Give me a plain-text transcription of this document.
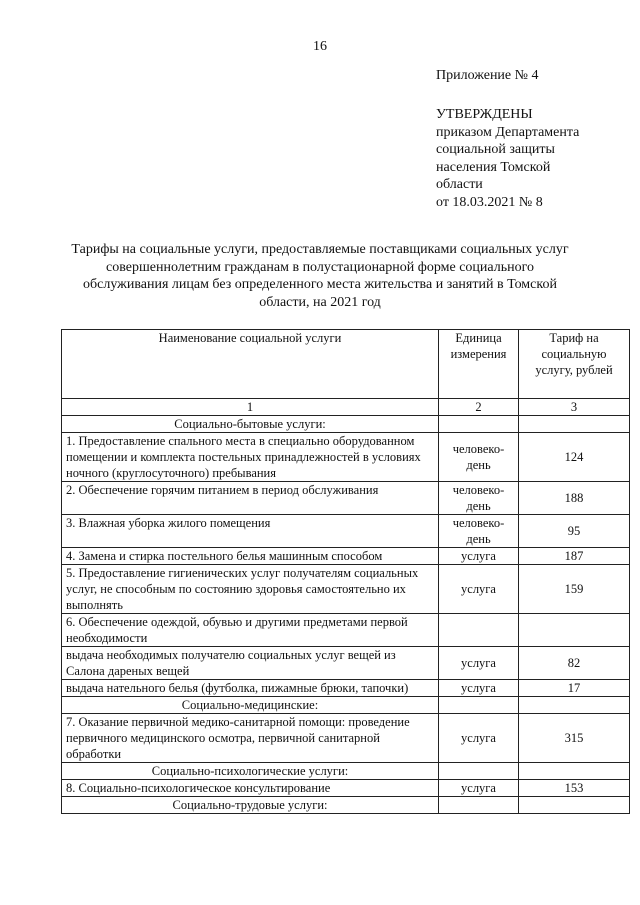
16
Приложение № 4
УТВЕРЖДЕНЫ
приказом Департамента
социальной защиты
населения Томской
области
от 18.03.2021 № 8
Тарифы на социальные услуги, предоставляемые поставщиками социальных услуг
совершеннолетним гражданам в полустационарной форме социального
обслуживания лицам без определенного места жительства и занятий в Томской
области, на 2021 год
Наименование социальной услуги	Единица измерения	Тариф на социальную услугу, рублей
1	2	3
Социально-бытовые услуги:		
1. Предоставление спального места в специально оборудованном помещении и комплекта постельных принадлежностей в условиях ночного (круглосуточного) пребывания	человеко-день	124
2. Обеспечение горячим питанием в период обслуживания	человеко-день	188
3. Влажная уборка жилого помещения	человеко-день	95
4. Замена и стирка постельного белья машинным способом	услуга	187
5. Предоставление гигиенических услуг получателям социальных услуг, не способным по состоянию здоровья самостоятельно их выполнять	услуга	159
6. Обеспечение одеждой, обувью и другими предметами первой необходимости		
выдача необходимых получателю социальных услуг вещей из Салона дареных вещей	услуга	82
выдача нательного белья (футболка, пижамные брюки, тапочки)	услуга	17
Социально-медицинские:		
7. Оказание первичной медико-санитарной помощи: проведение первичного медицинского осмотра, первичной санитарной обработки	услуга	315
Социально-психологические услуги:		
8. Социально-психологическое консультирование	услуга	153
Социально-трудовые услуги:		
